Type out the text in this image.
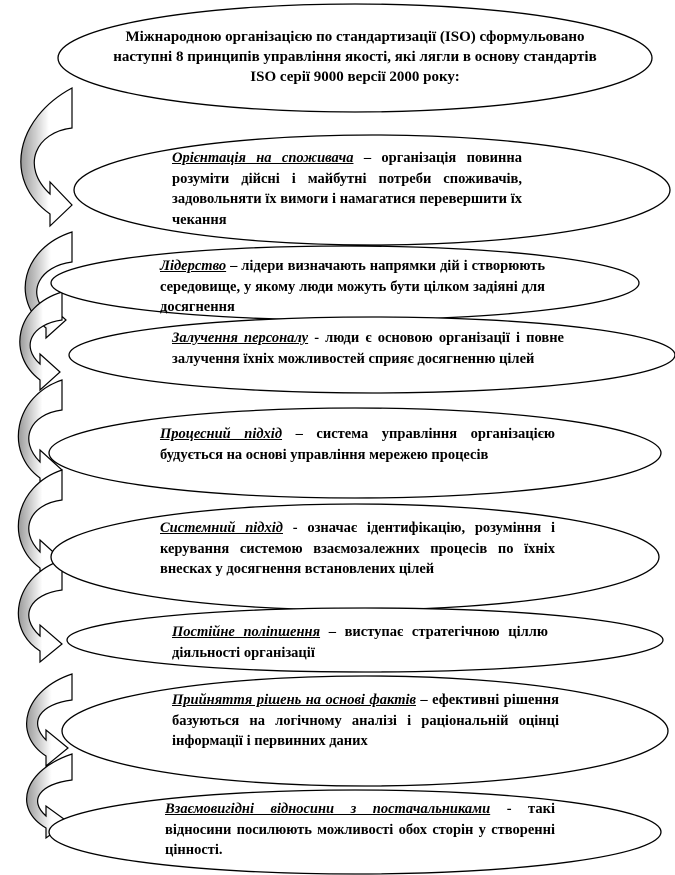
Міжнародною організацією по стандартизації (ISO) сформульовано наступні 8 принципів управління якості, які лягли в основу стандартів ISO серії 9000 версії 2000 року:
Орієнтація на споживача – організація повинна розуміти дійсні і майбутні потреби споживачів, задовольняти їх вимоги і намагатися перевершити їх чекання
Лідерство – лідери визначають напрямки дій і створюють середовище, у якому люди можуть бути цілком задіяні для досягнення
Залучення персоналу - люди є основою організації і повне залучення їхніх можливостей сприяє досягненню цілей
Процесний підхід – система управління організацією будується на основі управління мережею процесів
Системний підхід - означає ідентифікацію, розуміння і керування системою взаємозалежних процесів по їхніх внесках у досягнення встановлених цілей
Постійне поліпшення – виступає стратегічною ціллю діяльності організації
Прийняття рішень на основі фактів – ефективні рішення базуються на логічному аналізі і раціональній оцінці інформації і первинних даних
Взаємовигідні відносини з постачальниками - такі відносини посилюють можливості обох сторін у створенні цінності.
